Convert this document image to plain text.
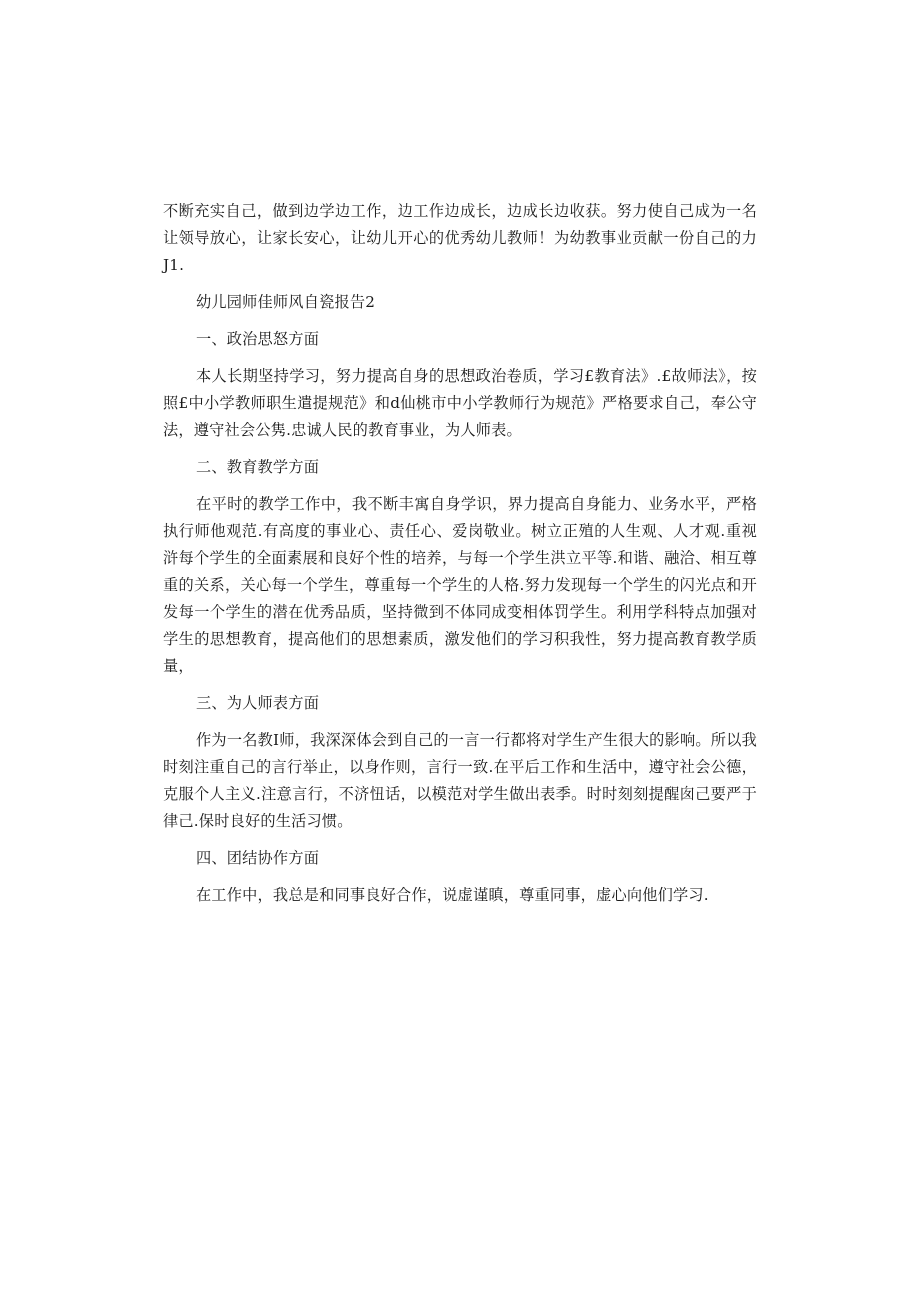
不断充实自己，做到边学边工作，边工作边成长，边成长边收获。努力使自己成为一名让领导放心，让家长安心，让幼儿开心的优秀幼儿教师！为幼教事业贡献一份自己的力J1.

幼儿园师佳师风自瓷报告2

一、政治思怒方面

本人长期坚持学习，努力提高自身的思想政治卷质，学习£教育法》.£故师法》，按照£中小学教师职生遣提规范》和d仙桃市中小学教师行为规范》严格要求自己，奉公守法，遵守社会公隽.忠诚人民的教育事业，为人师表。

二、教育教学方面

在平时的教学工作中，我不断丰寓自身学识，界力提高自身能力、业务水平，严格执行师他观范.有高度的事业心、责任心、爱岗敬业。树立正殖的人生观、人才观.重视浒每个学生的全面素展和良好个性的培养，与每一个学生洪立平等.和谐、融洽、相互尊重的关系，关心每一个学生，尊重每一个学生的人格.努力发现每一个学生的闪光点和开发每一个学生的潜在优秀品质，坚持微到不体同成变相体罚学生。利用学科特点加强对学生的思想教育，提高他们的思想素质，激发他们的学习积我性，努力提高教育教学质量，

三、为人师表方面

作为一名教I师，我深深体会到自己的一言一行都将对学生产生很大的影响。所以我时刻注重自己的言行举止，以身作则，言行一致.在平后工作和生活中，遵守社会公德，克服个人主义.注意言行，不济忸话，以模范对学生做出表季。时时刻刻提醒囱己要严于律己.保时良好的生活习惯。

四、团结协作方面

在工作中，我总是和同事良好合作，说虚谨瞋，尊重同事，虚心向他们学习.
